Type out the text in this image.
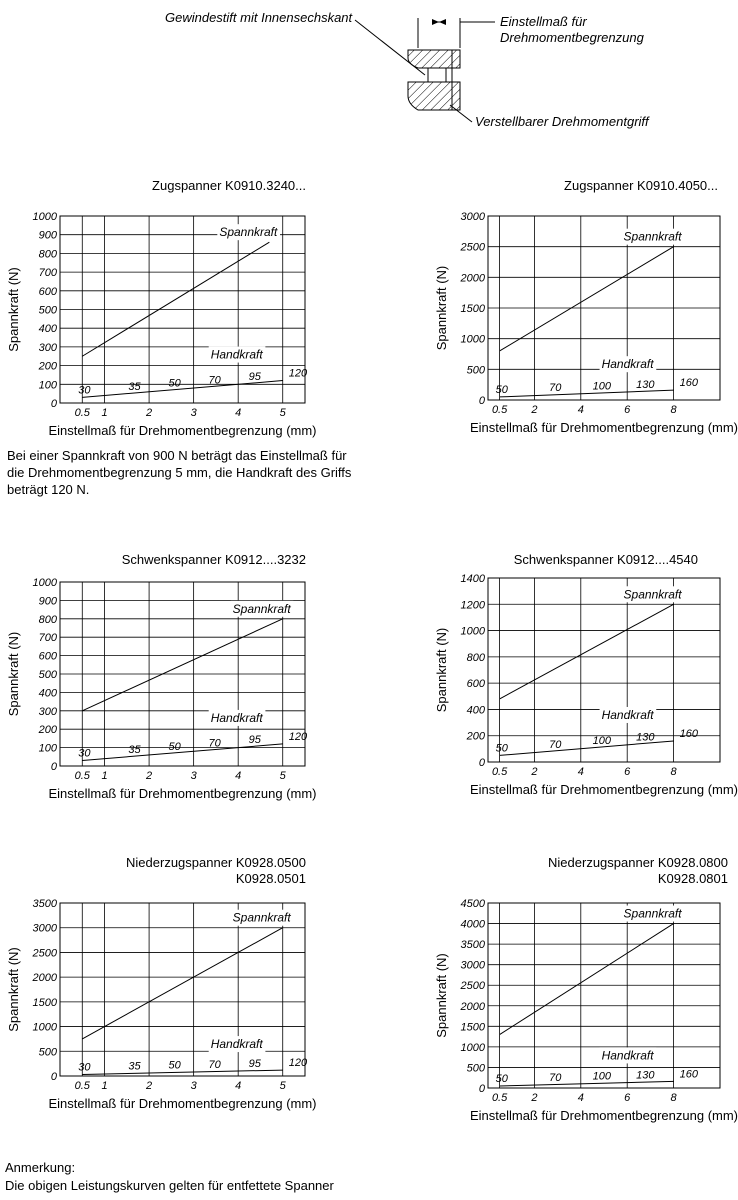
Gewindestift mit Innensechskant	Einstellmaß für
Drehmomentbegrenzung
Verstellbarer Drehmomentgriff
Zugspanner K0910.3240...
0
100
200
300
400
500
600
700
800
900
1000
0.5 1	2	3	4	5
Spannkraft
Handkraft
30	35	50	70	95	120
Einstellmaß für Drehmomentbegrenzung (mm)
Spannkraft (N)
Zugspanner K0910.4050...
0
500
1000
1500
2000
2500
3000
0.5 2	4	6	8
Spannkraft
Handkraft
50	70	100 130 160
Einstellmaß für Drehmomentbegrenzung (mm)
Spannkraft (N)
Bei einer Spannkraft von 900 N beträgt das Einstellmaß für die Drehmomentbegrenzung 5 mm, die Handkraft des Griffs beträgt 120 N.
Schwenkspanner K0912....3232
0
100
200
300
400
500
600
700
800
900
1000
0.5 1	2	3	4	5
Spannkraft
Handkraft
30	35	50	70	95	120
Einstellmaß für Drehmomentbegrenzung (mm)
Spannkraft (N)
Schwenkspanner K0912....4540
0
200
400
600
800
1000
1200
1400
0.5 2	4	6	8
Spannkraft
Handkraft
50	70	100 130 160
Einstellmaß für Drehmomentbegrenzung (mm)
Spannkraft (N)
Niederzugspanner K0928.0500
K0928.0501
0
500
1000
1500
2000
2500
3000
3500
0.5 1	2	3	4	5
Spannkraft
Handkraft
30	35	50	70	95	120
Einstellmaß für Drehmomentbegrenzung (mm)
Spannkraft (N)
Niederzugspanner K0928.0800
K0928.0801
0
500
1000
1500
2000
2500
3000
3500
4000
4500
0.5 2	4	6	8
Spannkraft
Handkraft
50	70	100 130 160
Einstellmaß für Drehmomentbegrenzung (mm)
Spannkraft (N)
Anmerkung:
Die obigen Leistungskurven gelten für entfettete Spanner
